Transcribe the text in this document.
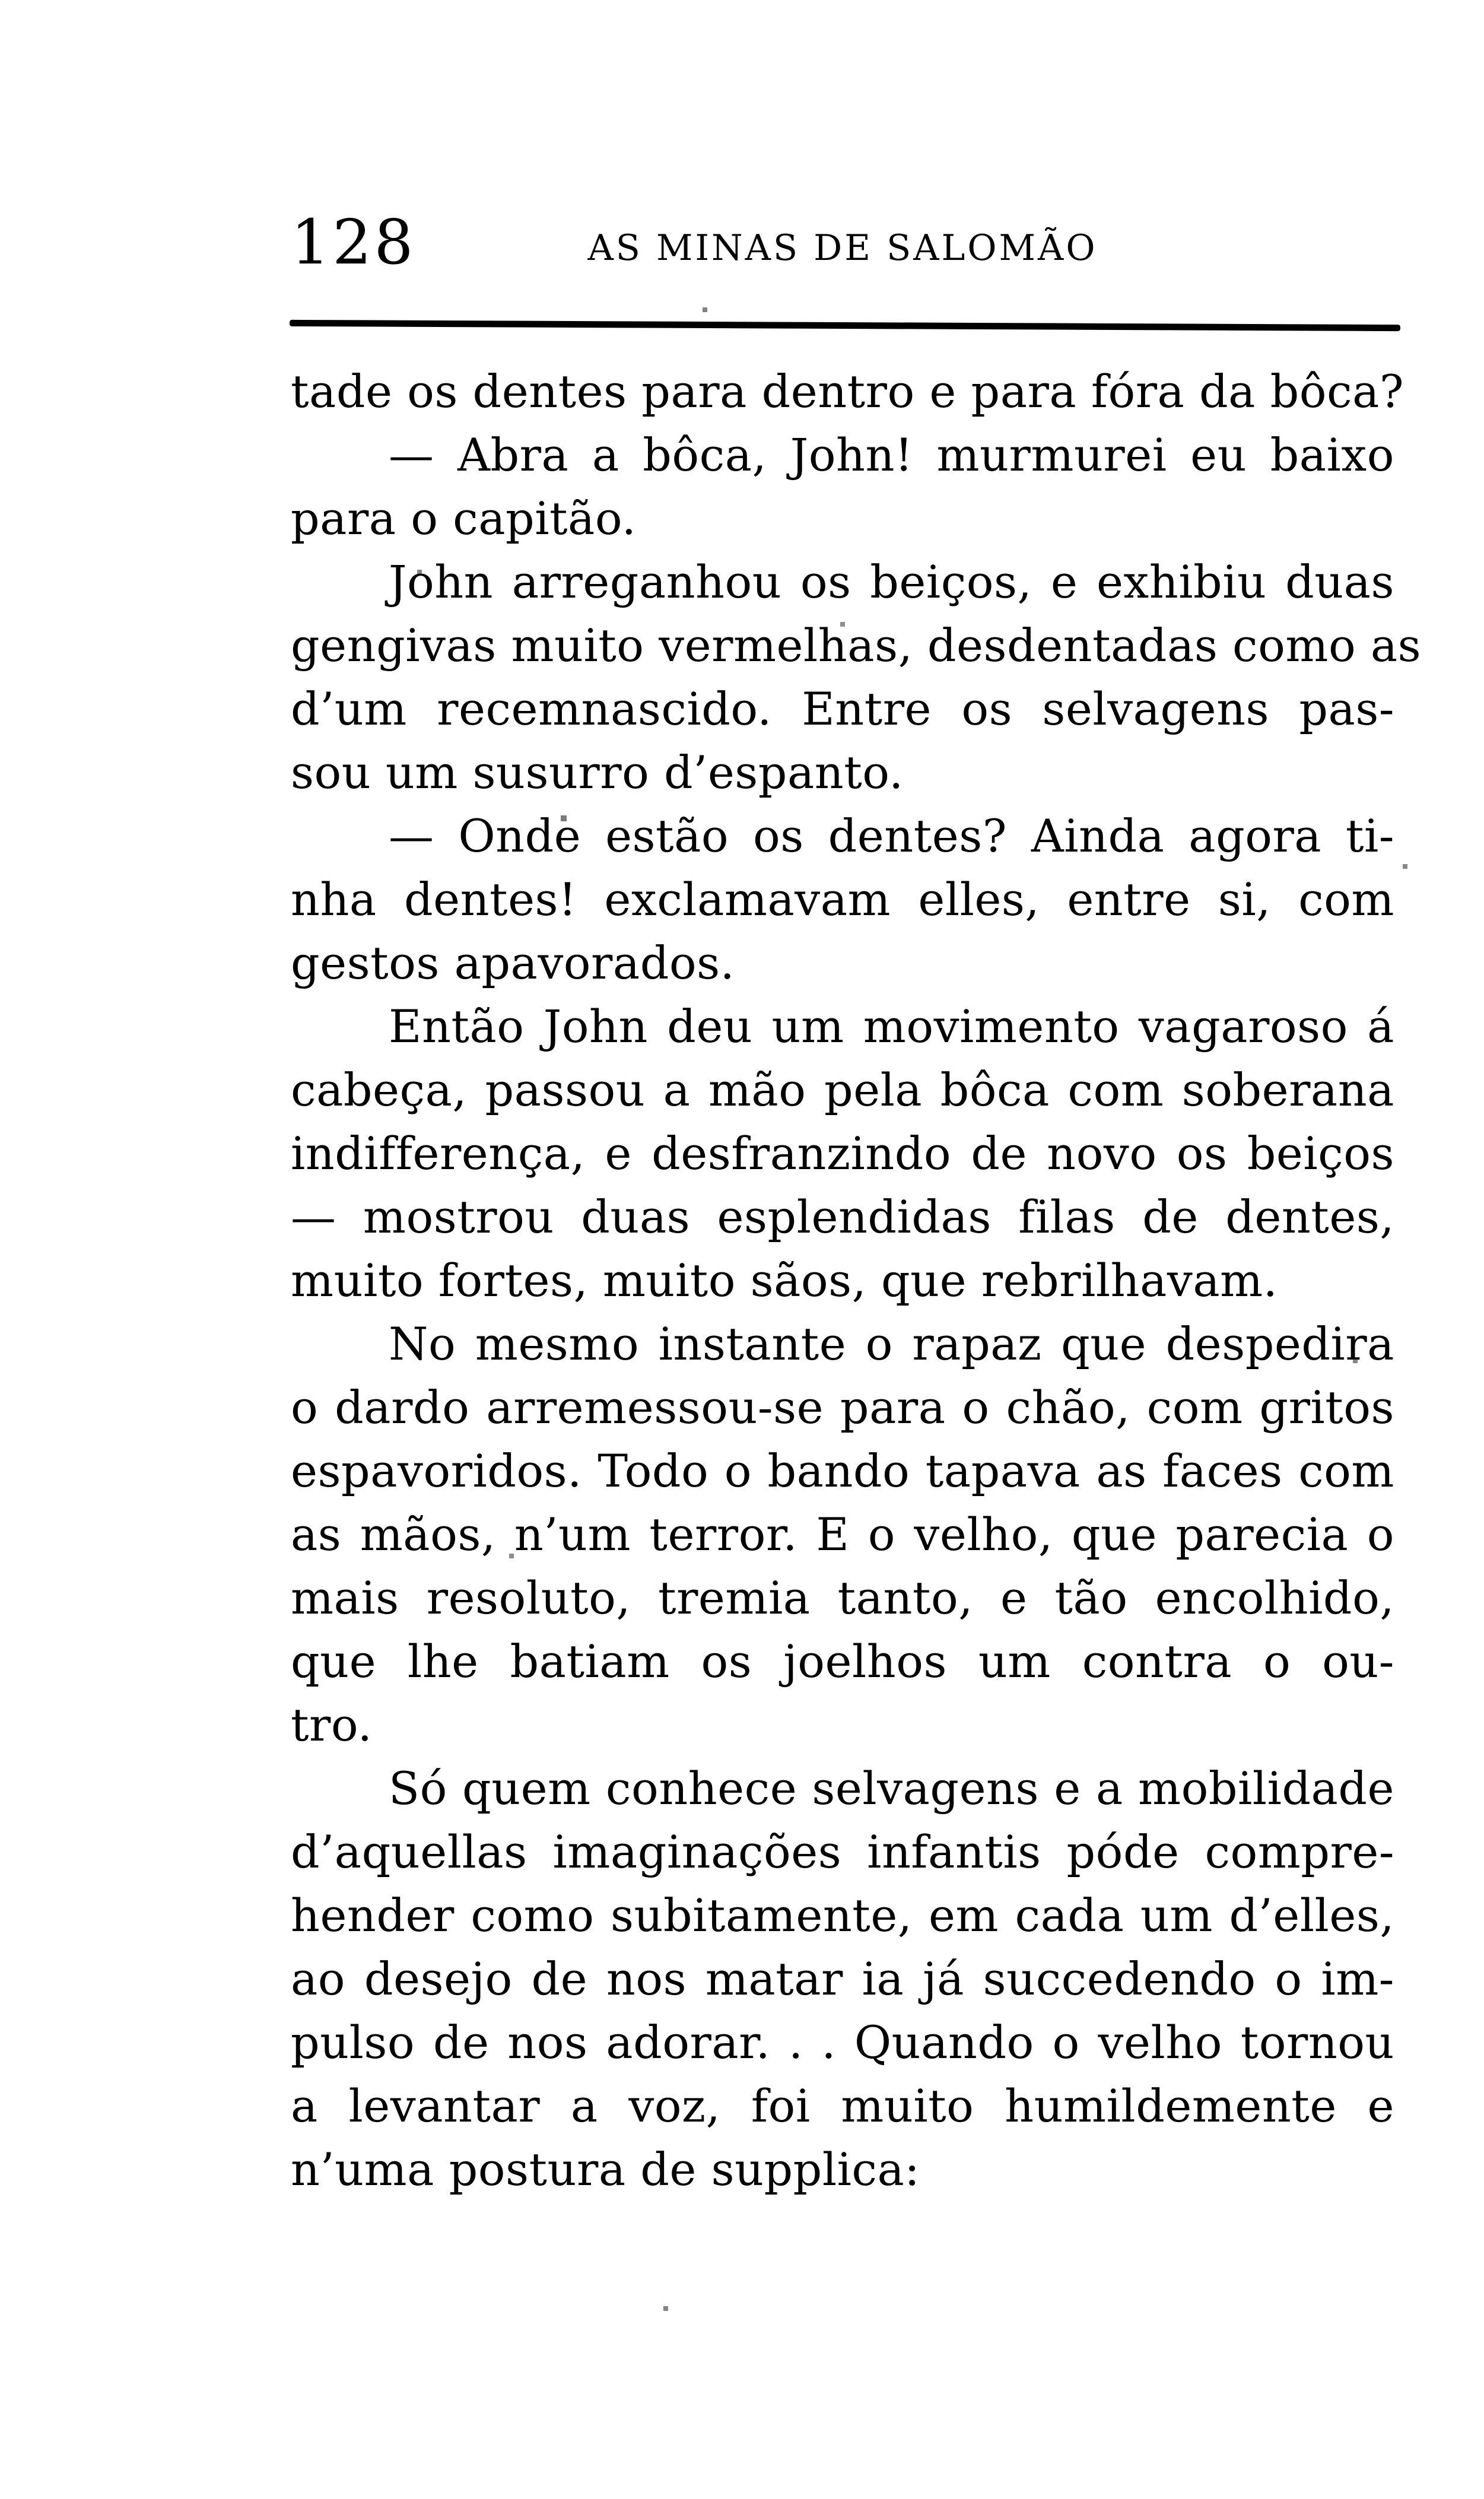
128	AS MINAS DE SALOMÃO
tade os dentes para dentro e para fóra da bôca?
— Abra a bôca, John! murmurei eu baixo
para o capitão.
John arreganhou os beiços, e exhibiu duas
gengivas muito vermelhas, desdentadas como as
d’um recemnascido. Entre os selvagens pas-
sou um susurro d’espanto.
— Onde estão os dentes? Ainda agora ti-
nha dentes! exclamavam elles, entre si, com
gestos apavorados.
Então John deu um movimento vagaroso á
cabeça, passou a mão pela bôca com soberana
indifferença, e desfranzindo de novo os beiços
— mostrou duas esplendidas filas de dentes,
muito fortes, muito sãos, que rebrilhavam.
No mesmo instante o rapaz que despedira
o dardo arremessou-se para o chão, com gritos
espavoridos. Todo o bando tapava as faces com
as mãos, n’um terror. E o velho, que parecia o
mais resoluto, tremia tanto, e tão encolhido,
que lhe batiam os joelhos um contra o ou-
tro.
Só quem conhece selvagens e a mobilidade
d’aquellas imaginações infantis póde compre-
hender como subitamente, em cada um d’elles,
ao desejo de nos matar ia já succedendo o im-
pulso de nos adorar. . . Quando o velho tornou
a levantar a voz, foi muito humildemente e
n’uma postura de supplica:
